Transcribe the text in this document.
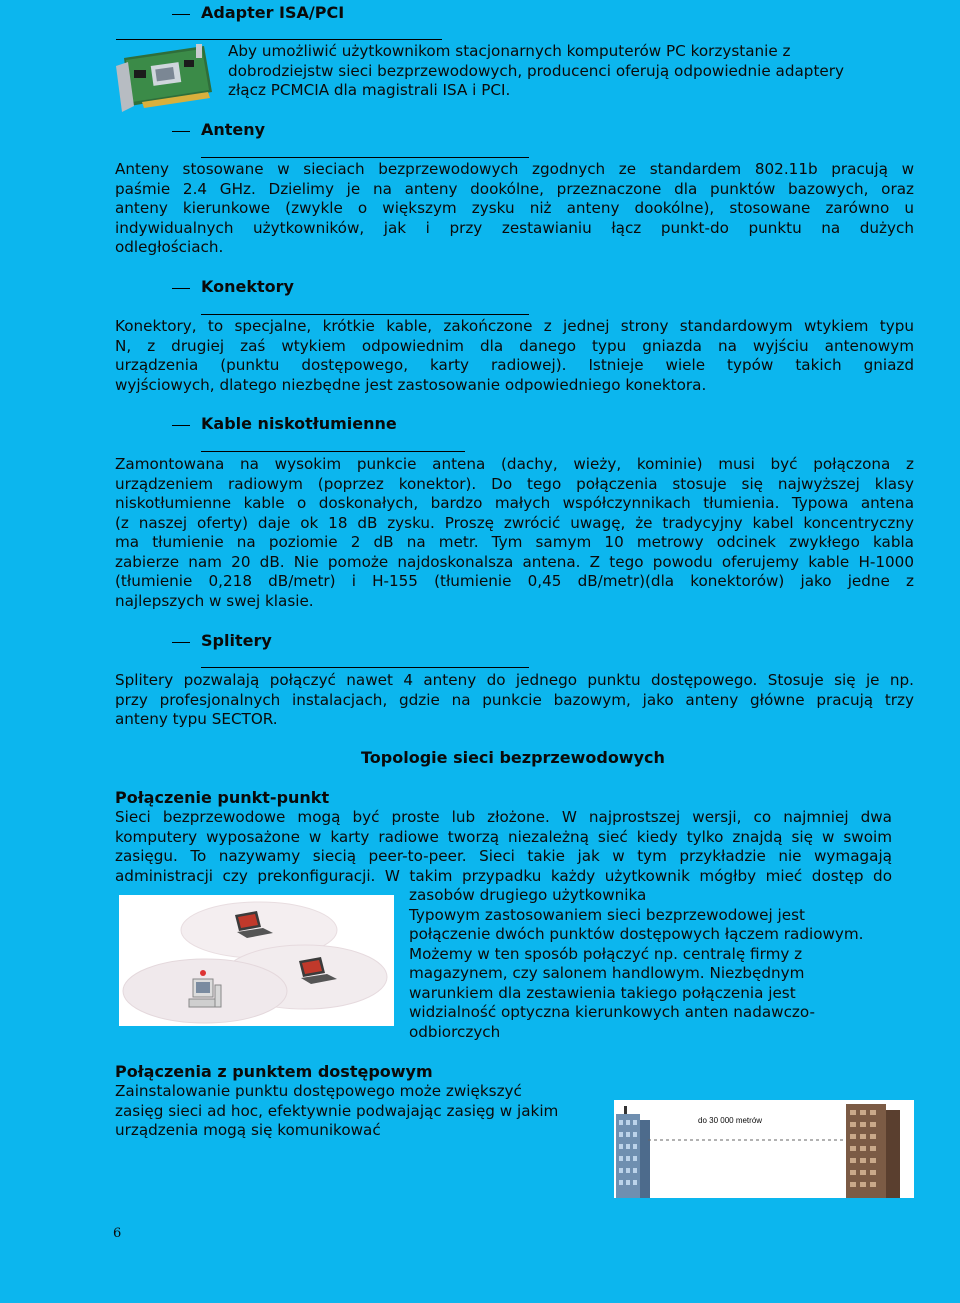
Adapter ISA/PCI
Aby umożliwić użytkownikom stacjonarnych komputerów PC korzystanie z
dobrodziejstw sieci bezprzewodowych, producenci oferują odpowiednie adaptery
złącz PCMCIA dla magistrali ISA i PCI.
Anteny
Anteny stosowane w sieciach bezprzewodowych zgodnych ze standardem 802.11b pracują w
paśmie 2.4 GHz. Dzielimy je na anteny dookólne, przeznaczone dla punktów bazowych, oraz
anteny kierunkowe (zwykle o większym zysku niż anteny dookólne), stosowane zarówno u
indywidualnych użytkowników, jak i przy zestawianiu łącz punkt-do punktu na dużych
odległościach.
Konektory
Konektory, to specjalne, krótkie kable, zakończone z jednej strony standardowym wtykiem typu
N, z drugiej zaś wtykiem odpowiednim dla danego typu gniazda na wyjściu antenowym
urządzenia (punktu dostępowego, karty radiowej). Istnieje wiele typów takich gniazd
wyjściowych, dlatego niezbędne jest zastosowanie odpowiedniego konektora.
Kable niskotłumienne
Zamontowana na wysokim punkcie antena (dachy, wieży, kominie) musi być połączona z
urządzeniem radiowym (poprzez konektor). Do tego połączenia stosuje się najwyższej klasy
niskotłumienne kable o doskonałych, bardzo małych współczynnikach tłumienia. Typowa antena
(z naszej oferty) daje ok 18 dB zysku. Proszę zwrócić uwagę, że tradycyjny kabel koncentryczny
ma tłumienie na poziomie 2 dB na metr. Tym samym 10 metrowy odcinek zwykłego kabla
zabierze nam 20 dB. Nie pomoże najdoskonalsza antena. Z tego powodu oferujemy kable H-1000
(tłumienie 0,218 dB/metr) i H-155 (tłumienie 0,45 dB/metr)(dla konektorów) jako jedne z
najlepszych w swej klasie.
Splitery
Splitery pozwalają połączyć nawet 4 anteny do jednego punktu dostępowego. Stosuje się je np.
przy profesjonalnych instalacjach, gdzie na punkcie bazowym, jako anteny główne pracują trzy
anteny typu SECTOR.
Topologie sieci bezprzewodowych
Połączenie punkt-punkt
Sieci bezprzewodowe mogą być proste lub złożone. W najprostszej wersji, co najmniej dwa
komputery wyposażone w karty radiowe tworzą niezależną sieć kiedy tylko znajdą się w swoim
zasięgu. To nazywamy siecią peer-to-peer. Sieci takie jak w tym przykładzie nie wymagają
administracji czy prekonfiguracji. W takim przypadku każdy użytkownik mógłby mieć dostęp do
zasobów drugiego użytkownika
Typowym zastosowaniem sieci bezprzewodowej jest
połączenie dwóch punktów dostępowych łączem radiowym.
Możemy w ten sposób połączyć np. centralę firmy z
magazynem, czy salonem handlowym. Niezbędnym
warunkiem dla zestawienia takiego połączenia jest
widzialność optyczna kierunkowych anten nadawczo-
odbiorczych
Połączenia z punktem dostępowym
Zainstalowanie punktu dostępowego może zwiększyć
zasięg sieci ad hoc, efektywnie podwajając zasięg w jakim
urządzenia mogą się komunikować
do 30 000 metrów
6
